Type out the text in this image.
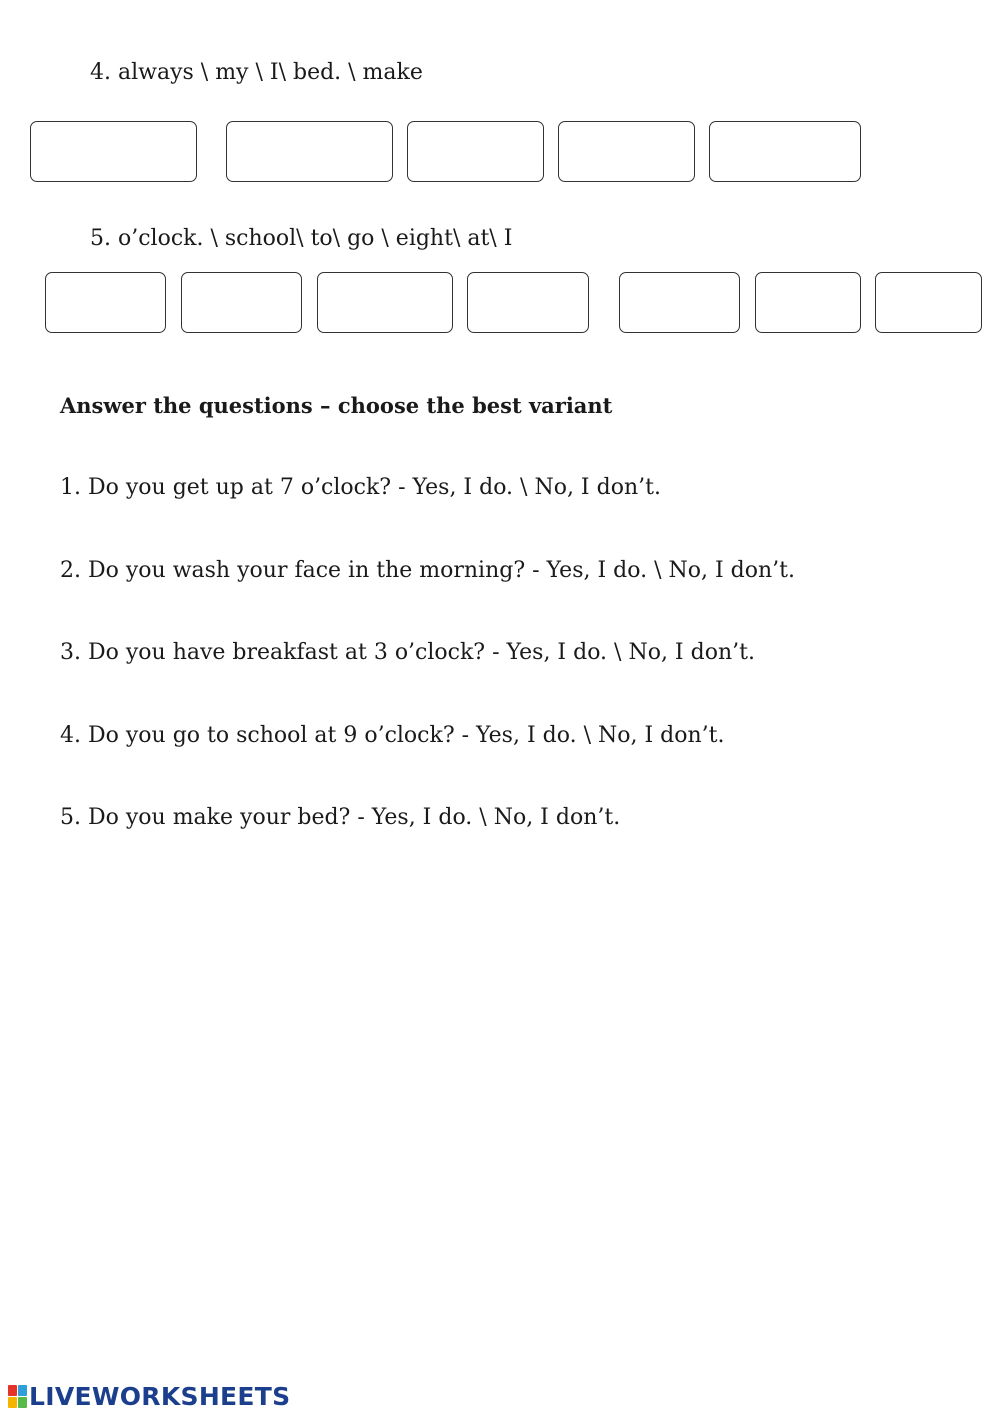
4. always \ my \ I\ bed. \ make
5. o’clock. \ school\ to\ go \ eight\ at\ I
Answer the questions – choose the best variant
1. Do you get up at 7 o’clock? - Yes, I do. \ No, I don’t.
2. Do you wash your face in the morning? - Yes, I do. \ No, I don’t.
3. Do you have breakfast at 3 o’clock? - Yes, I do. \ No, I don’t.
4. Do you go to school at 9 o’clock? - Yes, I do. \ No, I don’t.
5. Do you make your bed? - Yes, I do. \ No, I don’t.
LIVEWORKSHEETS
